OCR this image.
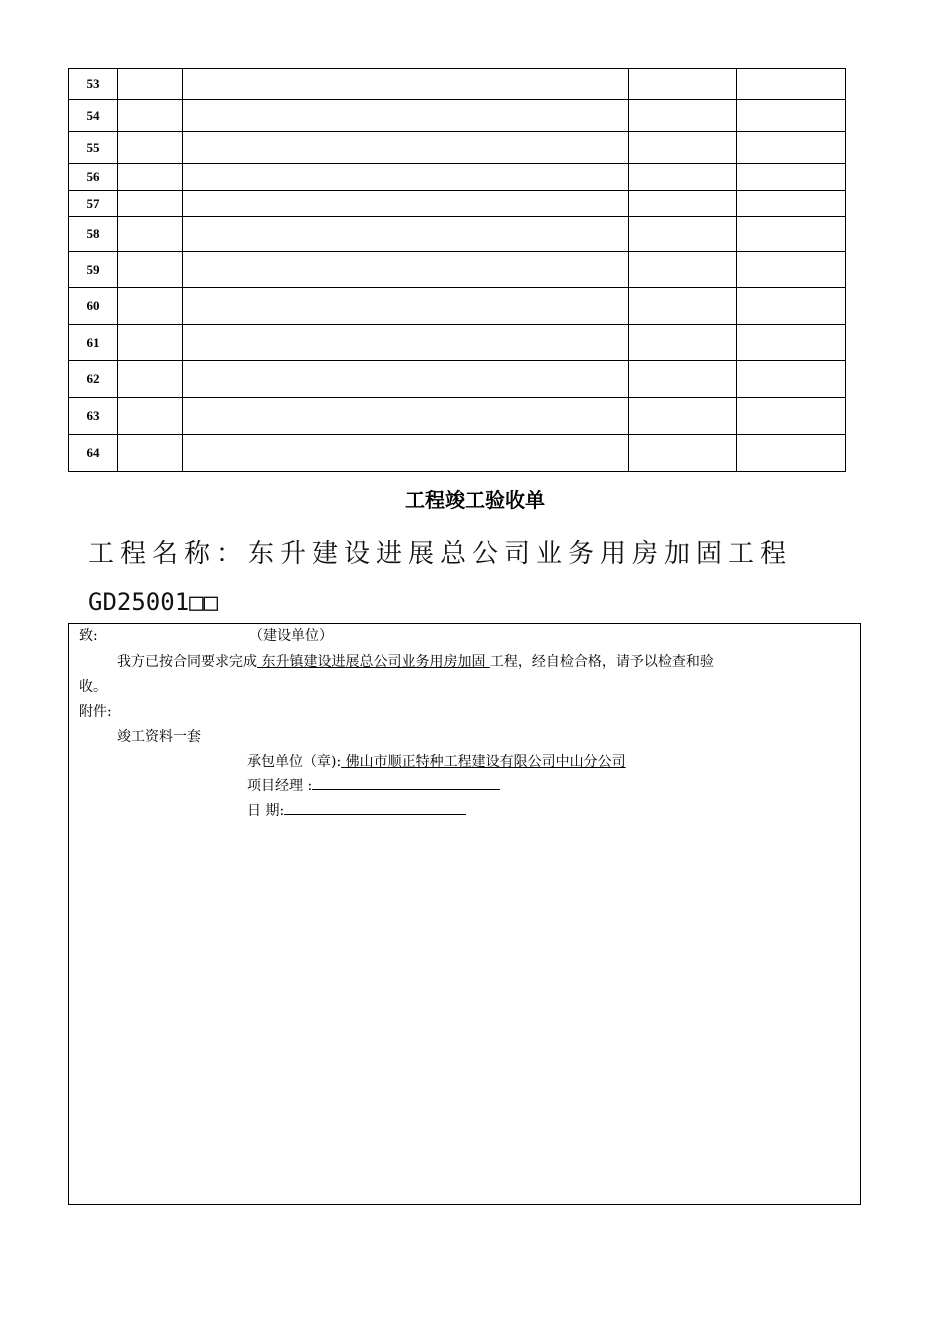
53				
54				
55				
56				
57				
58				
59				
60				
61				
62				
63				
64				
工程竣工验收单
工程名称：东升建设进展总公司业务用房加固工程
GD25001□□
致:	（建设单位）
我方已按合同要求完成 东升镇建设进展总公司业务用房加固 工程，经自检合格，请予以检查和验
收。
附件:
竣工资料一套
承包单位（章): 佛山市顺正特种工程建设有限公司中山分公司
项目经理 :
日 期:
